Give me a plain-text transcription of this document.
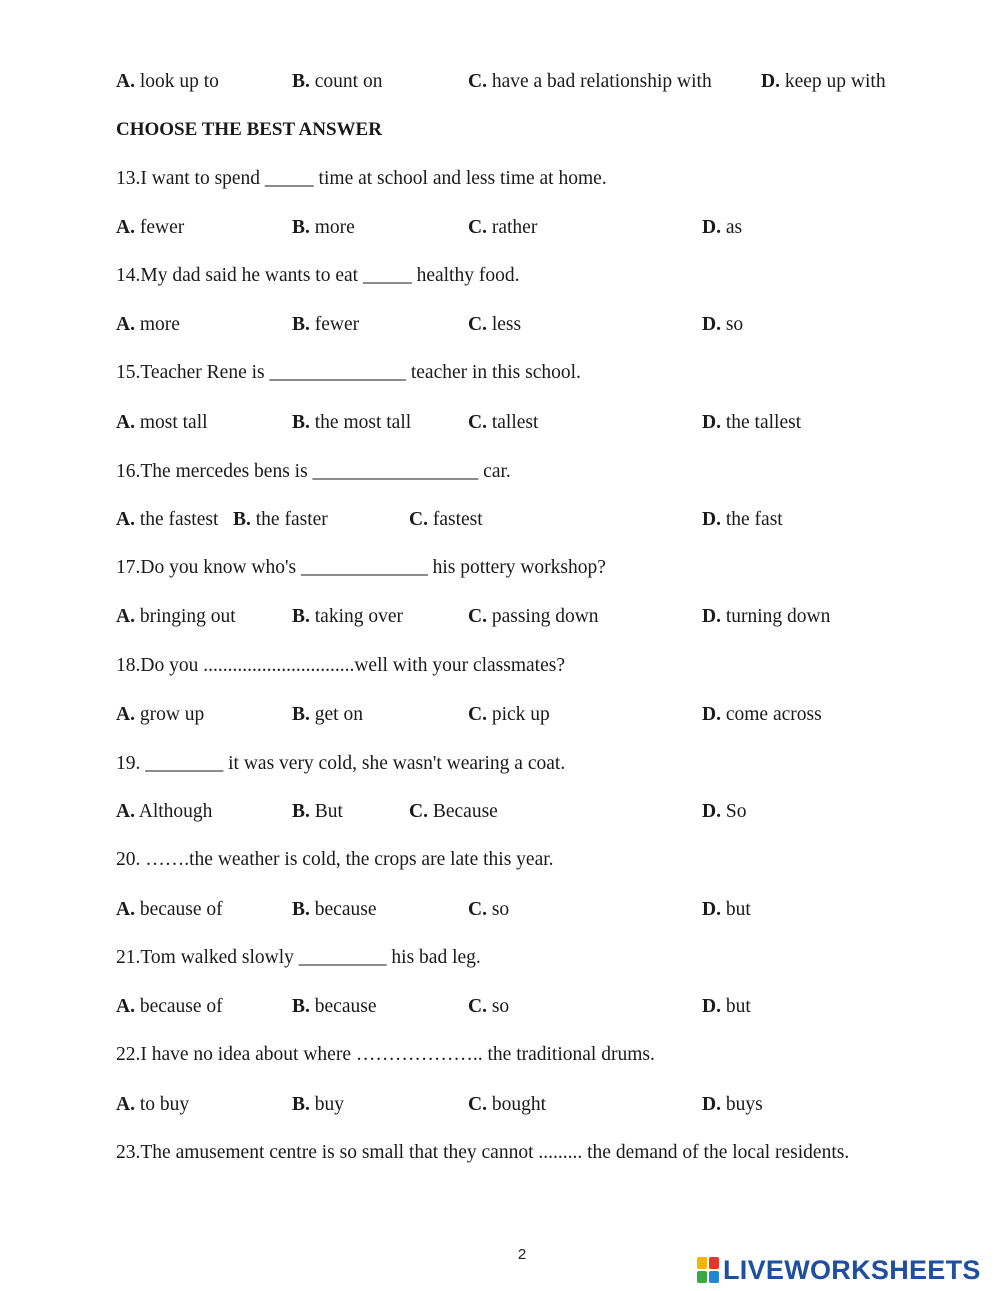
A. look up to	B. count on	C. have a bad relationship with	D. keep up with
CHOOSE THE BEST ANSWER
13.I want to spend _____ time at school and less time at home.
A. fewer	B. more	C. rather	D. as
14.My dad said he wants to eat _____ healthy food.
A. more	B. fewer	C. less	D. so
15.Teacher Rene is ______________ teacher in this school.
A. most tall	B. the most tall	C. tallest	D. the tallest
16.The mercedes bens is _________________ car.
A. the fastest B. the faster	C. fastest	D. the fast
17.Do you know who's _____________ his pottery workshop?
A. bringing out	B. taking over	C. passing down	D. turning down
18.Do you ...............................well with your classmates?
A. grow up	B. get on	C. pick up	D. come across
19. ________ it was very cold, she wasn't wearing a coat.
A. Although	B. But	C. Because	D. So
20. …….the weather is cold, the crops are late this year.
A. because of	B. because	C. so	D. but
21.Tom walked slowly _________ his bad leg.
A. because of	B. because	C. so	D. but
22.I have no idea about where ……………….. the traditional drums.
A. to buy	B. buy	C. bought	D. buys
23.The amusement centre is so small that they cannot ......... the demand of the local residents.
2	LIVEWORKSHEETS
